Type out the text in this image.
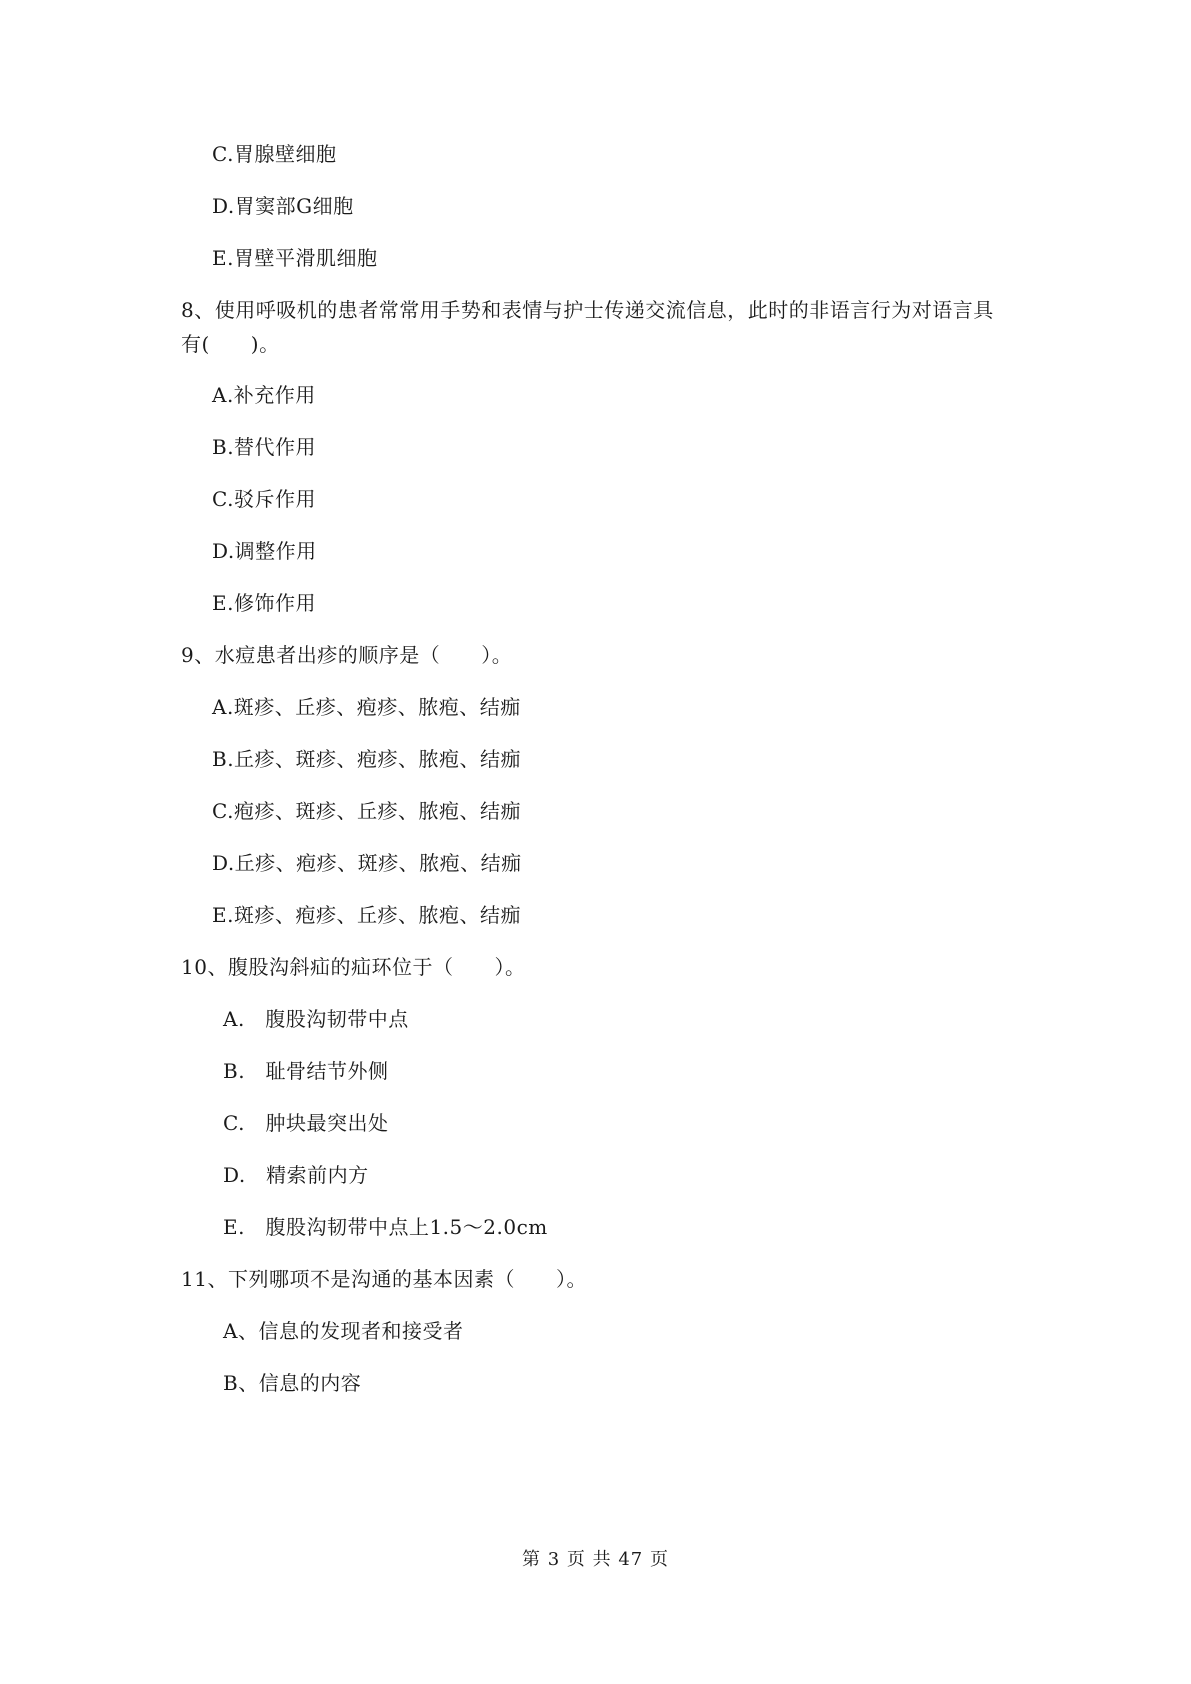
C.胃腺壁细胞
D.胃窦部G细胞
E.胃壁平滑肌细胞
8、使用呼吸机的患者常常用手势和表情与护士传递交流信息，此时的非语言行为对语言具
有(　　)。
A.补充作用
B.替代作用
C.驳斥作用
D.调整作用
E.修饰作用
9、水痘患者出疹的顺序是（　　）。
A.斑疹、丘疹、疱疹、脓疱、结痂
B.丘疹、斑疹、疱疹、脓疱、结痂
C.疱疹、斑疹、丘疹、脓疱、结痂
D.丘疹、疱疹、斑疹、脓疱、结痂
E.斑疹、疱疹、丘疹、脓疱、结痂
10、腹股沟斜疝的疝环位于（　　）。
A.　腹股沟韧带中点
B.　耻骨结节外侧
C.　肿块最突出处
D.　精索前内方
E.　腹股沟韧带中点上1.5～2.0cm
11、下列哪项不是沟通的基本因素（　　）。
A、信息的发现者和接受者
B、信息的内容
第 3 页 共 47 页
